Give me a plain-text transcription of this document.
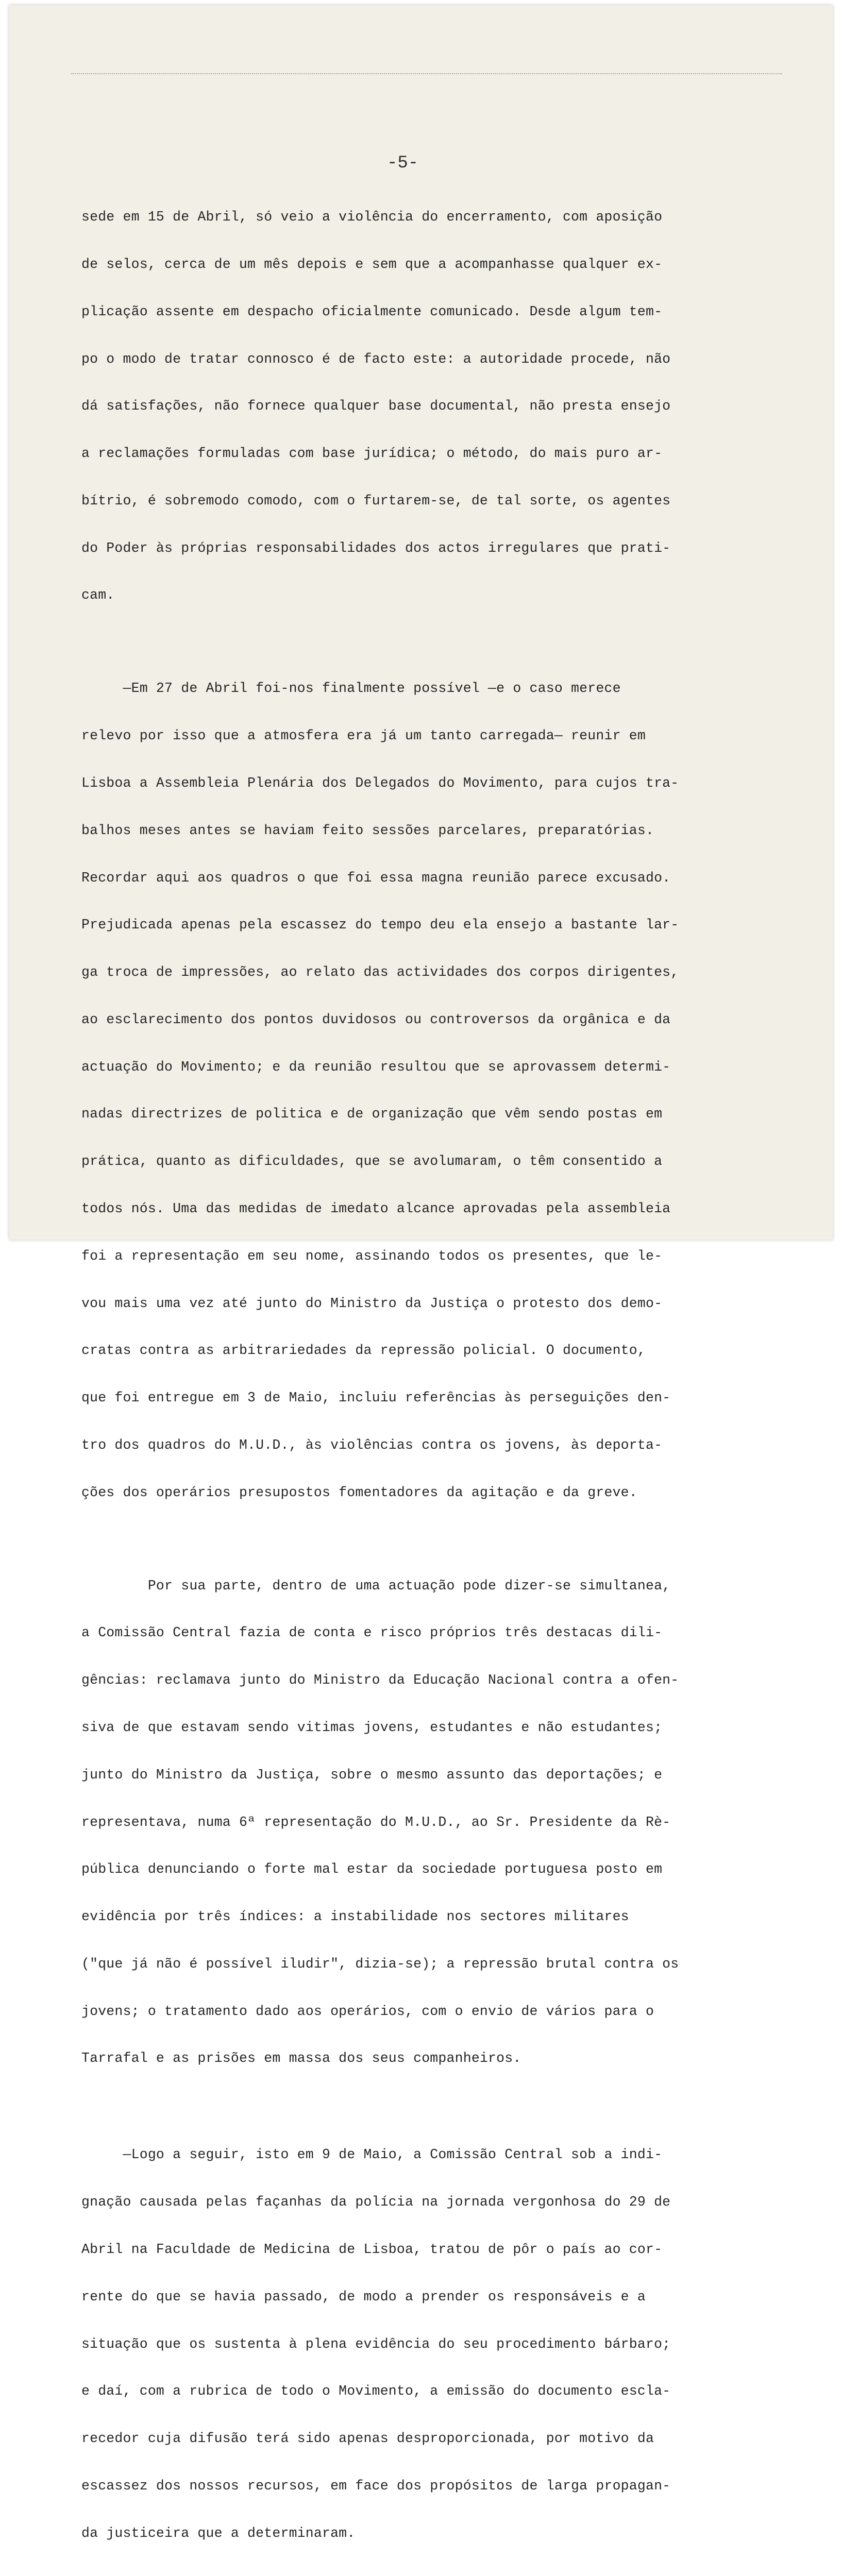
-5-

sede em 15 de Abril, só veio a violência do encerramento, com aposição

de selos, cerca de um mês depois e sem que a acompanhasse qualquer ex-

plicação assente em despacho oficialmente comunicado. Desde algum tem-

po o modo de tratar connosco é de facto este: a autoridade procede, não

dá satisfações, não fornece qualquer base documental, não presta ensejo

a reclamações formuladas com base jurídica; o método, do mais puro ar-

bítrio, é sobremodo comodo, com o furtarem-se, de tal sorte, os agentes

do Poder às próprias responsabilidades dos actos irregulares que prati-

cam.

—Em 27 de Abril foi-nos finalmente possível —e o caso merece

relevo por isso que a atmosfera era já um tanto carregada— reunir em

Lisboa a Assembleia Plenária dos Delegados do Movimento, para cujos tra-

balhos meses antes se haviam feito sessões parcelares, preparatórias.

Recordar aqui aos quadros o que foi essa magna reunião parece excusado.

Prejudicada apenas pela escassez do tempo deu ela ensejo a bastante lar-

ga troca de impressões, ao relato das actividades dos corpos dirigentes,

ao esclarecimento dos pontos duvidosos ou controversos da orgânica e da

actuação do Movimento; e da reunião resultou que se aprovassem determi-

nadas directrizes de politica e de organização que vêm sendo postas em

prática, quanto as dificuldades, que se avolumaram, o têm consentido a

todos nós. Uma das medidas de imedato alcance aprovadas pela assembleia

foi a representação em seu nome, assinando todos os presentes, que le-

vou mais uma vez até junto do Ministro da Justiça o protesto dos demo-

cratas contra as arbitrariedades da repressão policial. O documento,

que foi entregue em 3 de Maio, incluiu referências às perseguições den-

tro dos quadros do M.U.D., às violências contra os jovens, às deporta-

ções dos operários presupostos fomentadores da agitação e da greve.

Por sua parte, dentro de uma actuação pode dizer-se simultanea,

a Comissão Central fazia de conta e risco próprios três destacas dili-

gências: reclamava junto do Ministro da Educação Nacional contra a ofen-

siva de que estavam sendo vitimas jovens, estudantes e não estudantes;

junto do Ministro da Justiça, sobre o mesmo assunto das deportações; e

representava, numa 6ª representação do M.U.D., ao Sr. Presidente da Rè-

pública denunciando o forte mal estar da sociedade portuguesa posto em

evidência por três índices: a instabilidade nos sectores militares

("que já não é possível iludir", dizia-se); a repressão brutal contra os

jovens; o tratamento dado aos operários, com o envio de vários para o

Tarrafal e as prisões em massa dos seus companheiros.

—Logo a seguir, isto em 9 de Maio, a Comissão Central sob a indi-

gnação causada pelas façanhas da polícia na jornada vergonhosa do 29 de

Abril na Faculdade de Medicina de Lisboa, tratou de pôr o país ao cor-

rente do que se havia passado, de modo a prender os responsáveis e a

situação que os sustenta à plena evidência do seu procedimento bárbaro;

e daí, com a rubrica de todo o Movimento, a emissão do documento escla-

recedor cuja difusão terá sido apenas desproporcionada, por motivo da

escassez dos nossos recursos, em face dos propósitos de larga propagan-

da justiceira que a determinaram.
